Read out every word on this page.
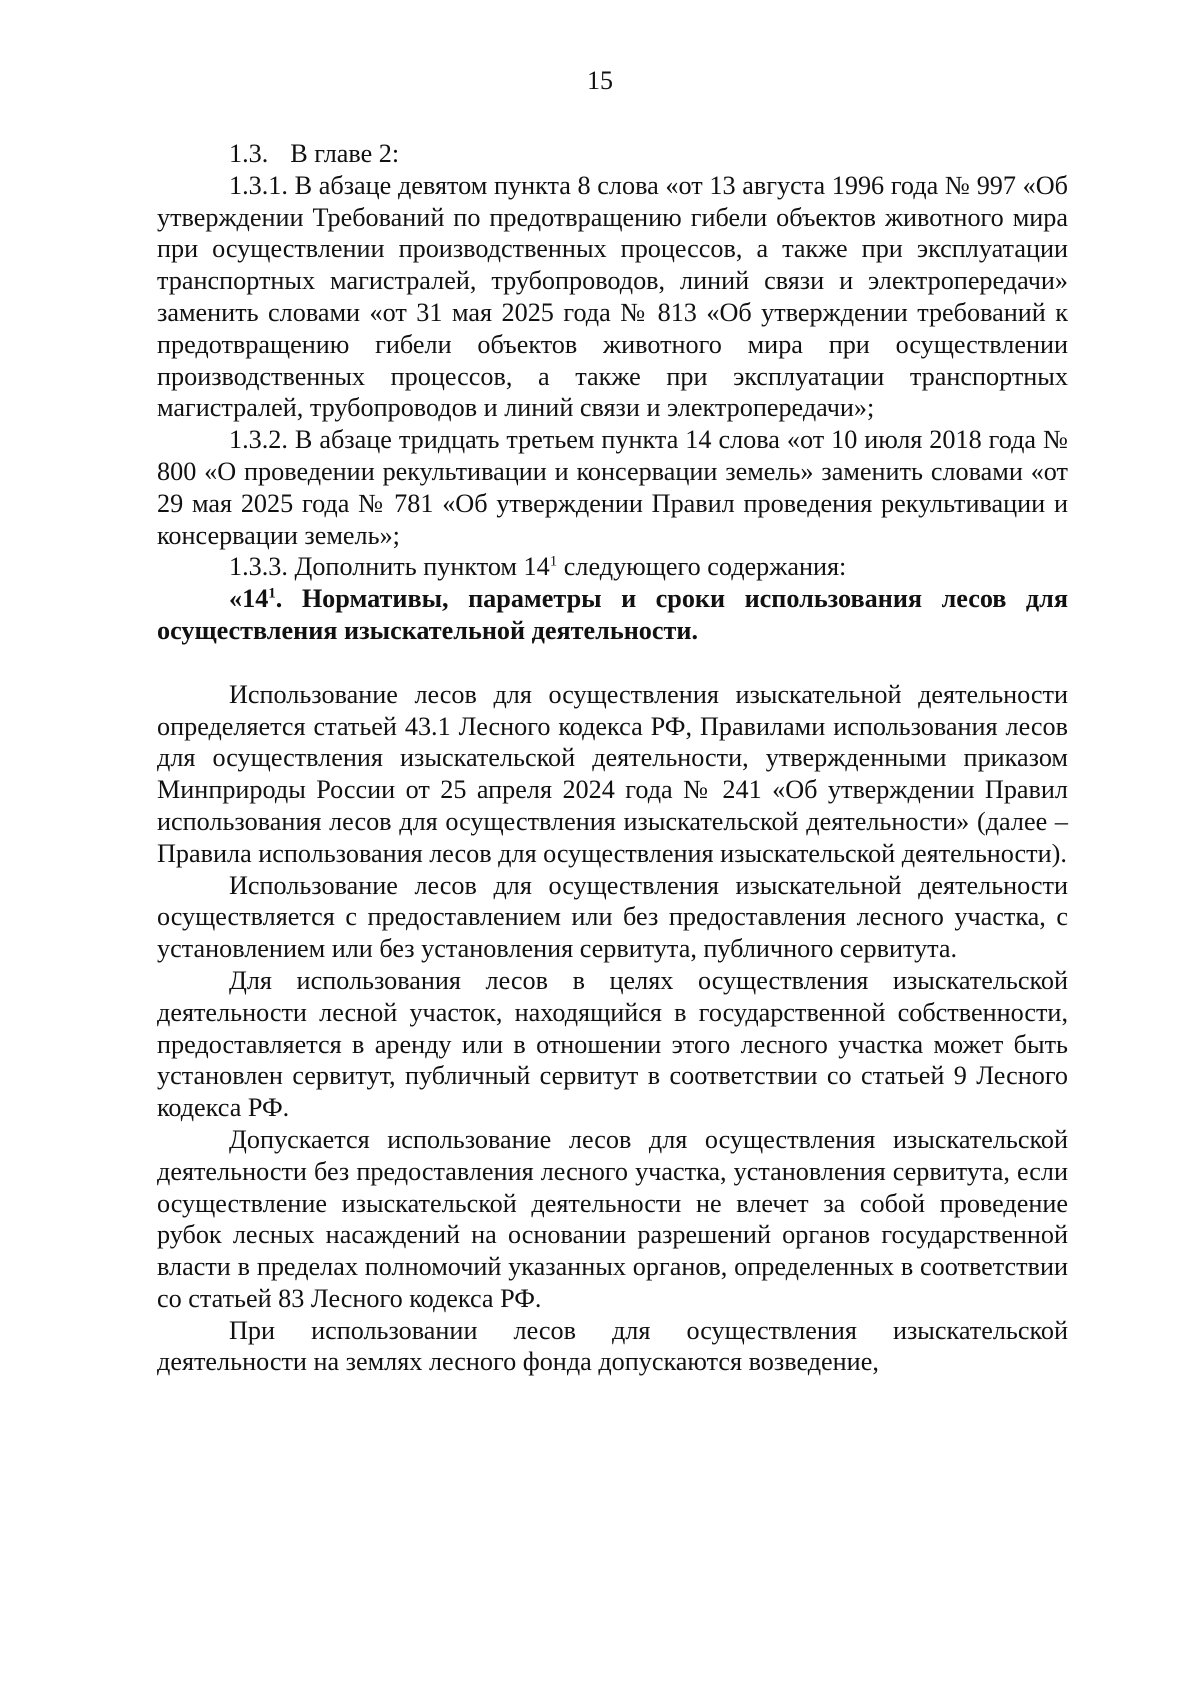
15

1.3. В главе 2:

1.3.1. В абзаце девятом пункта 8 слова «от 13 августа 1996 года № 997 «Об утверждении Требований по предотвращению гибели объектов животного мира при осуществлении производственных процессов, а также при эксплуатации транспортных магистралей, трубопроводов, линий связи и электропередачи» заменить словами «от 31 мая 2025 года № 813 «Об утверждении требований к предотвращению гибели объектов животного мира при осуществлении производственных процессов, а также при эксплуатации транспортных магистралей, трубопроводов и линий связи и электропередачи»;

1.3.2. В абзаце тридцать третьем пункта 14 слова «от 10 июля 2018 года № 800 «О проведении рекультивации и консервации земель» заменить словами «от 29 мая 2025 года № 781 «Об утверждении Правил проведения рекультивации и консервации земель»;

1.3.3. Дополнить пунктом $14^1$ следующего содержания:

«$14^1$. Нормативы, параметры и сроки использования лесов для осуществления изыскательной деятельности.

Использование лесов для осуществления изыскательной деятельности определяется статьей 43.1 Лесного кодекса РФ, Правилами использования лесов для осуществления изыскательской деятельности, утвержденными приказом Минприроды России от 25 апреля 2024 года № 241 «Об утверждении Правил использования лесов для осуществления изыскательской деятельности» (далее – Правила использования лесов для осуществления изыскательской деятельности).

Использование лесов для осуществления изыскательной деятельности осуществляется с предоставлением или без предоставления лесного участка, с установлением или без установления сервитута, публичного сервитута.

Для использования лесов в целях осуществления изыскательской деятельности лесной участок, находящийся в государственной собственности, предоставляется в аренду или в отношении этого лесного участка может быть установлен сервитут, публичный сервитут в соответствии со статьей 9 Лесного кодекса РФ.

Допускается использование лесов для осуществления изыскательской деятельности без предоставления лесного участка, установления сервитута, если осуществление изыскательской деятельности не влечет за собой проведение рубок лесных насаждений на основании разрешений органов государственной власти в пределах полномочий указанных органов, определенных в соответствии со статьей 83 Лесного кодекса РФ.

При использовании лесов для осуществления изыскательской деятельности на землях лесного фонда допускаются возведение,
